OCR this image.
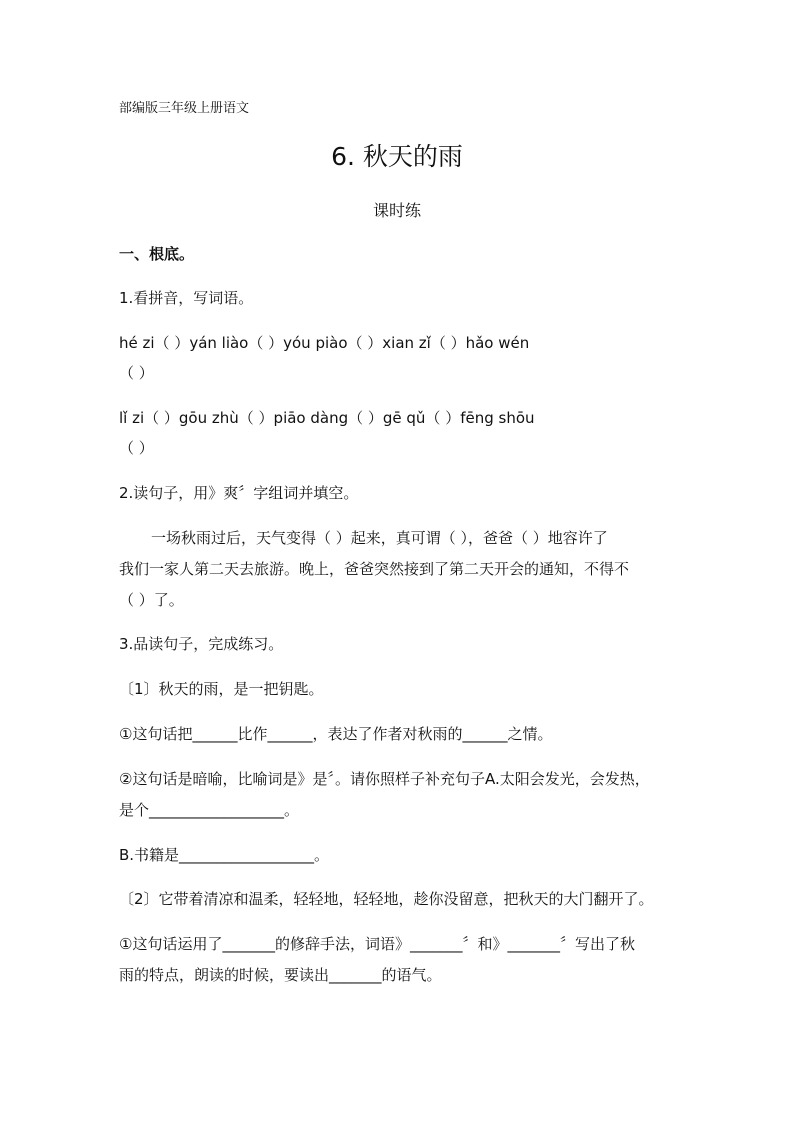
部编版三年级上册语文
6. 秋天的雨
课时练
一、根底。
1.看拼音，写词语。
hé zi（ ）yán liào（ ）yóu piào（ ）xian zǐ（ ）hǎo wén
（ ）
lǐ zi（ ）gōu zhù（ ）piāo dàng（ ）gē qǔ（ ）fēng shōu
（ ）
2.读句子，用》爽〞字组词并填空。
一场秋雨过后，天气变得（ ）起来，真可谓（ ），爸爸（ ）地容许了
我们一家人第二天去旅游。晚上，爸爸突然接到了第二天开会的通知，不得不
（ ）了。
3.品读句子，完成练习。
〔1〕秋天的雨，是一把钥匙。
①这句话把______比作______，表达了作者对秋雨的______之情。
②这句话是暗喻，比喻词是》是〞。请你照样子补充句子A.太阳会发光，会发热，
是个__________________。
B.书籍是__________________。
〔2〕它带着清凉和温柔，轻轻地，轻轻地，趁你没留意，把秋天的大门翻开了。
①这句话运用了_______的修辞手法，词语》_______〞和》_______〞写出了秋
雨的特点，朗读的时候，要读出_______的语气。
